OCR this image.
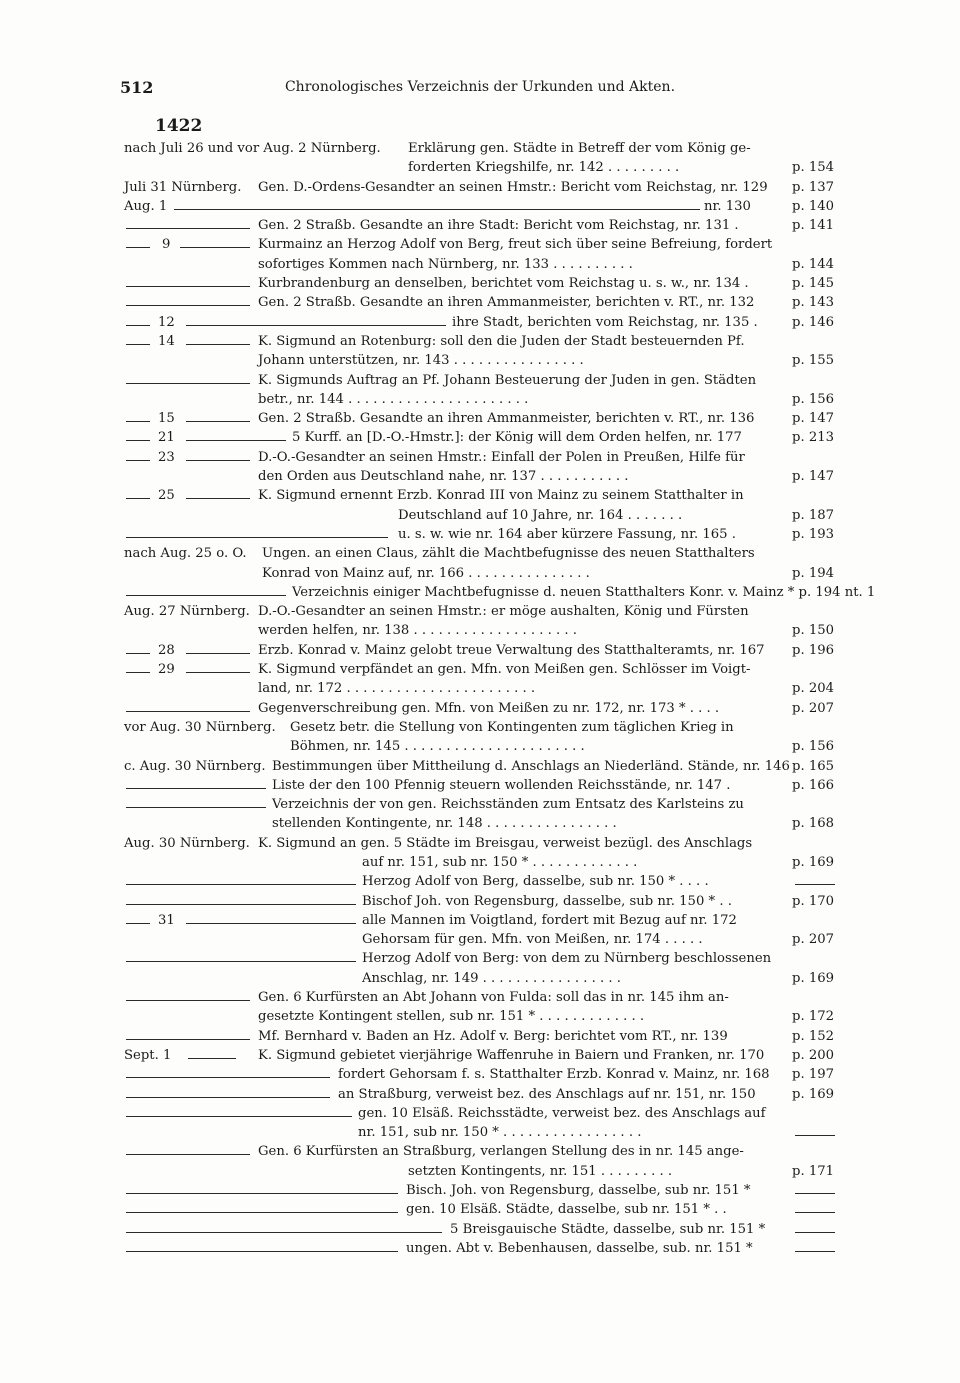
512	Chronologisches Verzeichnis der Urkunden und Akten.
1422
nach Juli 26 und vor Aug. 2 Nürnberg. Erklärung gen. Städte in Betreff der vom König ge-
forderten Kriegshilfe, nr. 142 . . . . . . . . .	p. 154
Juli 31 Nürnberg. Gen. D.-Ordens-Gesandter an seinen Hmstr.: Bericht vom Reichstag, nr. 129 p. 137
Aug. 1	nr. 130	p. 140
Gen. 2 Straßb. Gesandte an ihre Stadt: Bericht vom Reichstag, nr. 131 .	p. 141
9	Kurmainz an Herzog Adolf von Berg, freut sich über seine Befreiung, fordert
sofortiges Kommen nach Nürnberg, nr. 133 . . . . . . . . . .	p. 144
Kurbrandenburg an denselben, berichtet vom Reichstag u. s. w., nr. 134 .	p. 145
Gen. 2 Straßb. Gesandte an ihren Ammanmeister, berichten v. RT., nr. 132	p. 143
12	ihre Stadt, berichten vom Reichstag, nr. 135 .	p. 146
14	K. Sigmund an Rotenburg: soll den die Juden der Stadt besteuernden Pf.
Johann unterstützen, nr. 143 . . . . . . . . . . . . . . . .	p. 155
K. Sigmunds Auftrag an Pf. Johann Besteuerung der Juden in gen. Städten
betr., nr. 144 . . . . . . . . . . . . . . . . . . . . . .	p. 156
15	Gen. 2 Straßb. Gesandte an ihren Ammanmeister, berichten v. RT., nr. 136	p. 147
21	5 Kurff. an [D.-O.-Hmstr.]: der König will dem Orden helfen, nr. 177	p. 213
23	D.-O.-Gesandter an seinen Hmstr.: Einfall der Polen in Preußen, Hilfe für
den Orden aus Deutschland nahe, nr. 137 . . . . . . . . . . .	p. 147
25	K. Sigmund ernennt Erzb. Konrad III von Mainz zu seinem Statthalter in
Deutschland auf 10 Jahre, nr. 164 . . . . . . .	p. 187
u. s. w. wie nr. 164 aber kürzere Fassung, nr. 165 .	p. 193
nach Aug. 25 o. O. Ungen. an einen Claus, zählt die Machtbefugnisse des neuen Statthalters
Konrad von Mainz auf, nr. 166 . . . . . . . . . . . . . . .	p. 194
Verzeichnis einiger Machtbefugnisse d. neuen Statthalters Konr. v. Mainz * p. 194 nt. 1
Aug. 27 Nürnberg. D.-O.-Gesandter an seinen Hmstr.: er möge aushalten, König und Fürsten
werden helfen, nr. 138 . . . . . . . . . . . . . . . . . . . .	p. 150
28	Erzb. Konrad v. Mainz gelobt treue Verwaltung des Statthalteramts, nr. 167 p. 196
29	K. Sigmund verpfändet an gen. Mfn. von Meißen gen. Schlösser im Voigt-
land, nr. 172 . . . . . . . . . . . . . . . . . . . . . . .	p. 204
Gegenverschreibung gen. Mfn. von Meißen zu nr. 172, nr. 173 * . . . .	p. 207
vor Aug. 30 Nürnberg. Gesetz betr. die Stellung von Kontingenten zum täglichen Krieg in
Böhmen, nr. 145 . . . . . . . . . . . . . . . . . . . . . .	p. 156
c. Aug. 30 Nürnberg. Bestimmungen über Mittheilung d. Anschlags an Niederländ. Stände, nr. 146 p. 165
Liste der den 100 Pfennig steuern wollenden Reichsstände, nr. 147 .	p. 166
Verzeichnis der von gen. Reichsständen zum Entsatz des Karlsteins zu
stellenden Kontingente, nr. 148 . . . . . . . . . . . . . . . .	p. 168
Aug. 30 Nürnberg. K. Sigmund an gen. 5 Städte im Breisgau, verweist bezügl. des Anschlags
auf nr. 151, sub nr. 150 * . . . . . . . . . . . . .	p. 169
Herzog Adolf von Berg, dasselbe, sub nr. 150 * . . . .
Bischof Joh. von Regensburg, dasselbe, sub nr. 150 * . .	p. 170
31	alle Mannen im Voigtland, fordert mit Bezug auf nr. 172
Gehorsam für gen. Mfn. von Meißen, nr. 174 . . . . .	p. 207
Herzog Adolf von Berg: von dem zu Nürnberg beschlossenen
Anschlag, nr. 149 . . . . . . . . . . . . . . . . .	p. 169
Gen. 6 Kurfürsten an Abt Johann von Fulda: soll das in nr. 145 ihm an-
gesetzte Kontingent stellen, sub nr. 151 * . . . . . . . . . . . . .	p. 172
Mf. Bernhard v. Baden an Hz. Adolf v. Berg: berichtet vom RT., nr. 139	p. 152
Sept. 1	K. Sigmund gebietet vierjährige Waffenruhe in Baiern und Franken, nr. 170 p. 200
fordert Gehorsam f. s. Statthalter Erzb. Konrad v. Mainz, nr. 168 p. 197
an Straßburg, verweist bez. des Anschlags auf nr. 151, nr. 150	p. 169
gen. 10 Elsäß. Reichsstädte, verweist bez. des Anschlags auf
nr. 151, sub nr. 150 * . . . . . . . . . . . . . . . . .
Gen. 6 Kurfürsten an Straßburg, verlangen Stellung des in nr. 145 ange-
setzten Kontingents, nr. 151 . . . . . . . . .	p. 171
Bisch. Joh. von Regensburg, dasselbe, sub nr. 151 *
gen. 10 Elsäß. Städte, dasselbe, sub nr. 151 * . .
5 Breisgauische Städte, dasselbe, sub nr. 151 *
ungen. Abt v. Bebenhausen, dasselbe, sub. nr. 151 *
